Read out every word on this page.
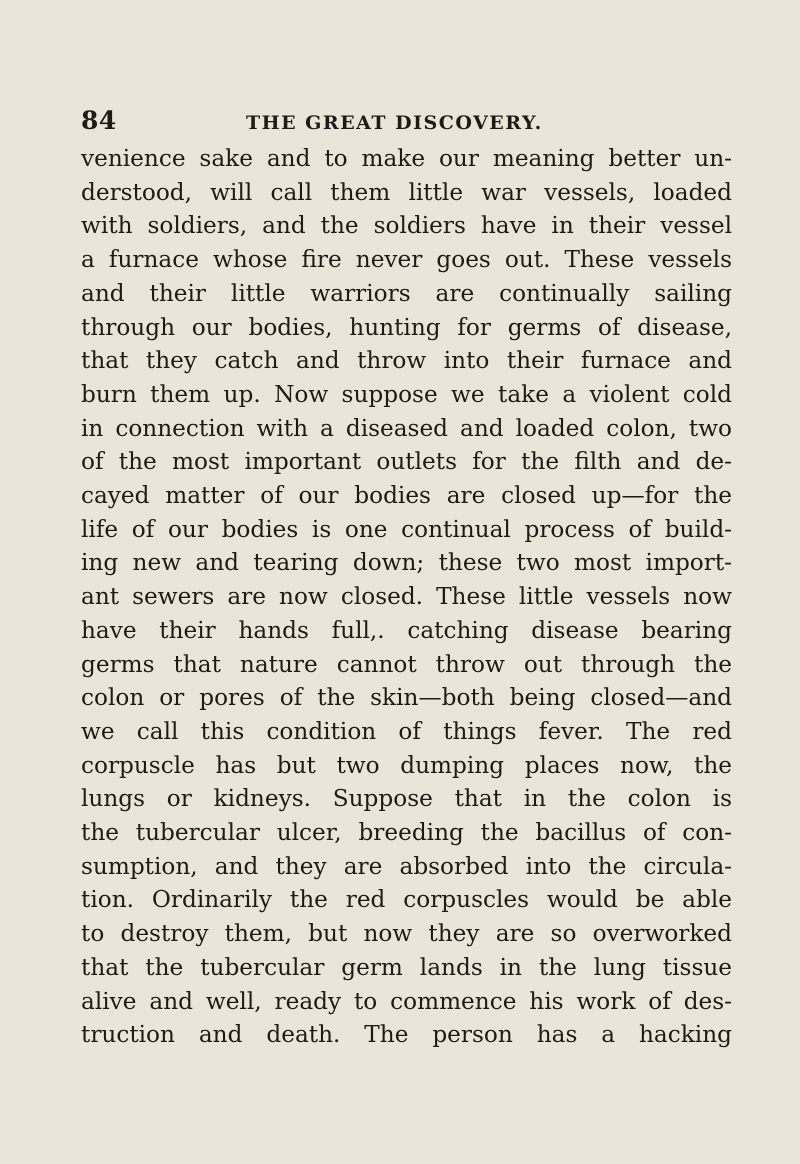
84	THE GREAT DISCOVERY.

venience sake and to make our meaning better un-

derstood, will call them little war vessels, loaded

with soldiers, and the soldiers have in their vessel

a furnace whose fire never goes out. These vessels

and their little warriors are continually sailing

through our bodies, hunting for germs of disease,

that they catch and throw into their furnace and

burn them up. Now suppose we take a violent cold

in connection with a diseased and loaded colon, two

of the most important outlets for the filth and de-

cayed matter of our bodies are closed up—for the

life of our bodies is one continual process of build-

ing new and tearing down; these two most import-

ant sewers are now closed. These little vessels now

have their hands full,. catching disease bearing

germs that nature cannot throw out through the

colon or pores of the skin—both being closed—and

we call this condition of things fever. The red

corpuscle has but two dumping places now, the

lungs or kidneys. Suppose that in the colon is

the tubercular ulcer, breeding the bacillus of con-

sumption, and they are absorbed into the circula-

tion. Ordinarily the red corpuscles would be able

to destroy them, but now they are so overworked

that the tubercular germ lands in the lung tissue

alive and well, ready to commence his work of des-

truction and death. The person has a hacking
